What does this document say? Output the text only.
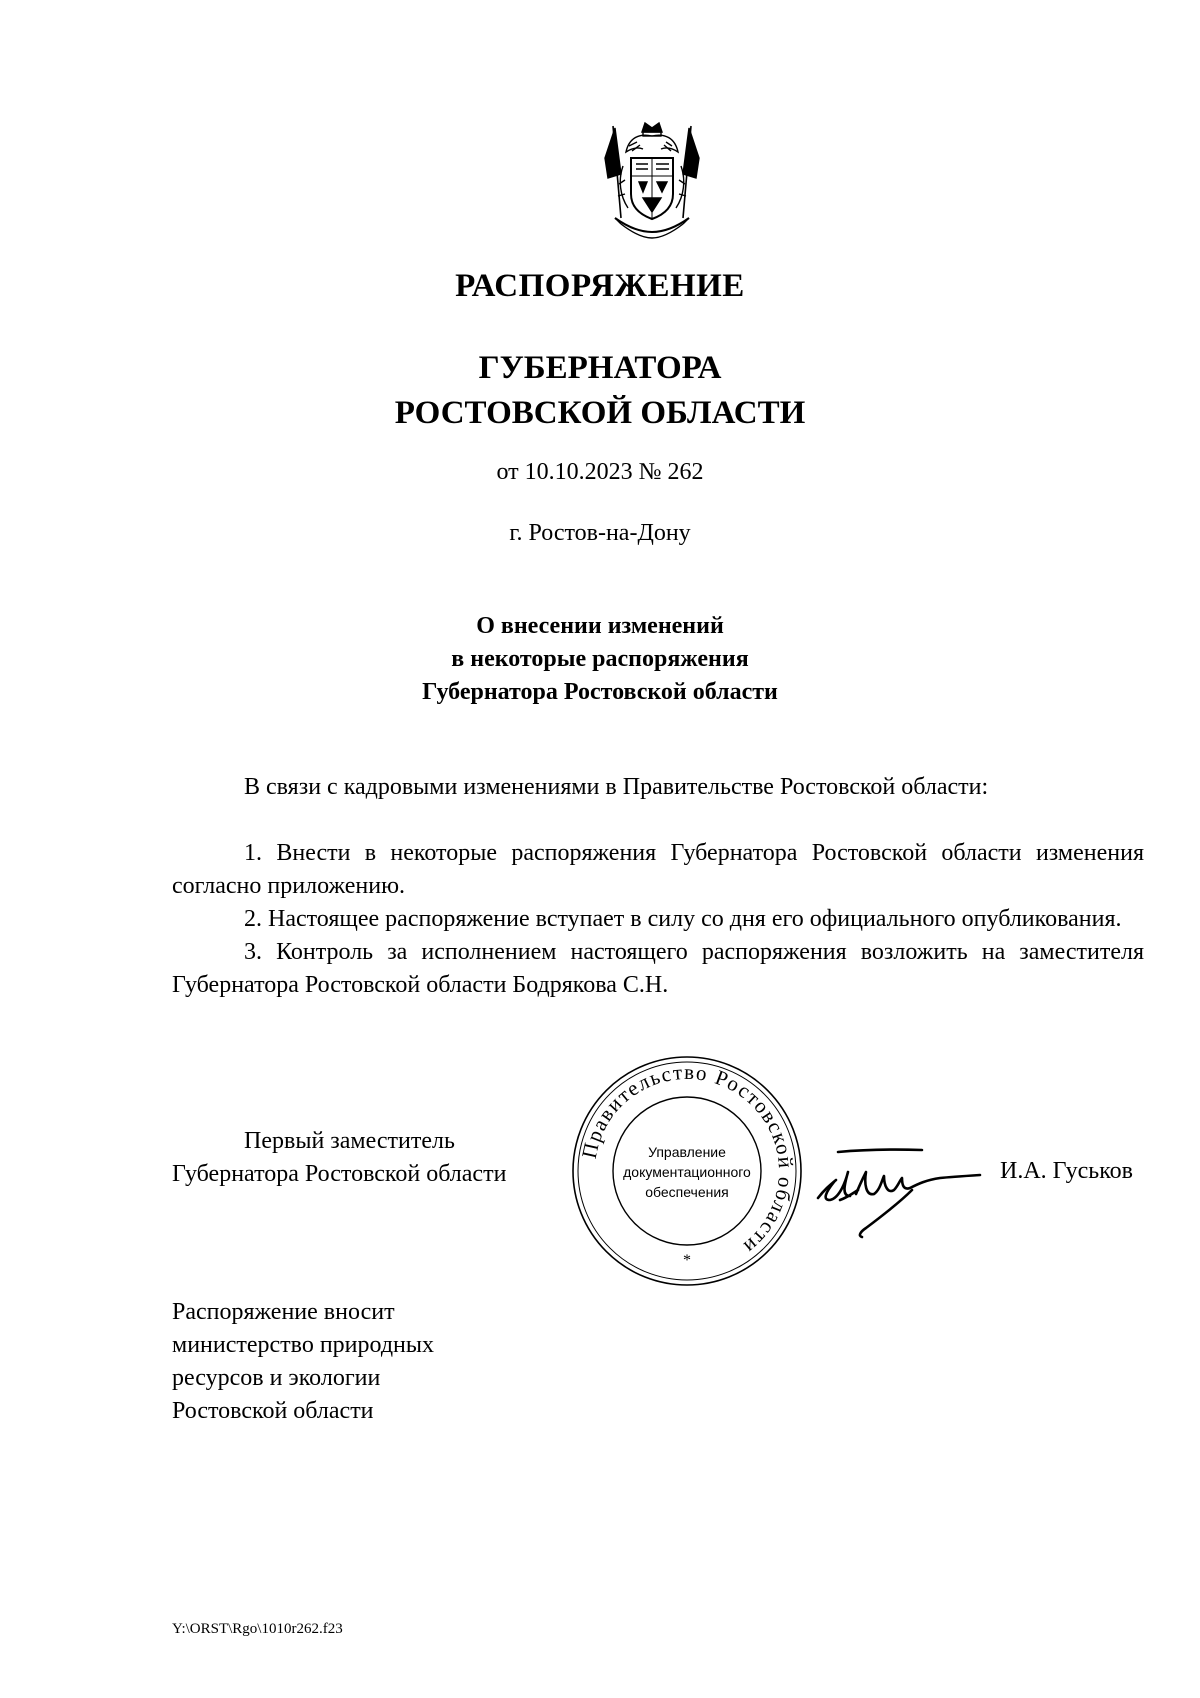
РАСПОРЯЖЕНИЕ
ГУБЕРНАТОРА
РОСТОВСКОЙ ОБЛАСТИ
от 10.10.2023 № 262
г. Ростов-на-Дону
О внесении изменений
в некоторые распоряжения
Губернатора Ростовской области
В связи с кадровыми изменениями в Правительстве Ростовской области:

1. Внести в некоторые распоряжения Губернатора Ростовской области изменения согласно приложению.

2. Настоящее распоряжение вступает в силу со дня его официального опубликования.

3. Контроль за исполнением настоящего распоряжения возложить на заместителя Губернатора Ростовской области Бодрякова С.Н.

Первый заместитель
Губернатора Ростовской области
Правительство Ростовской области
Управление
документационного
обеспечения
*
И.А. Гуськов
Распоряжение вносит
министерство природных
ресурсов и экологии
Ростовской области
Y:\ORST\Rgo\1010r262.f23
